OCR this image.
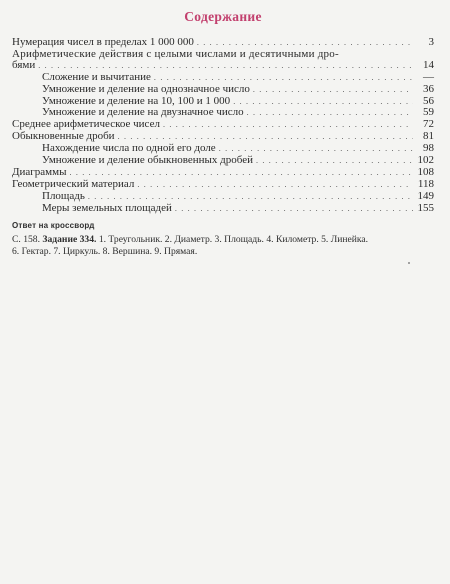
Содержание
Нумерация чисел в пределах 1 000 000 . . .	3
Арифметические действия с целыми числами и десятичными дро-
бями . . .	14
Сложение и вычитание . . .	—
Умножение и деление на однозначное число . . .	36
Умножение и деление на 10, 100 и 1 000 . . .	56
Умножение и деление на двузначное число . . .	59
Среднее арифметическое чисел . . .	72
Обыкновенные дроби . . .	81
Нахождение числа по одной его доле . . .	98
Умножение и деление обыкновенных дробей . . .	102
Диаграммы . . .	108
Геометрический материал . . .	118
Площадь . . .	149
Меры земельных площадей . . .	155
Ответ на кроссворд
С. 158. Задание 334. 1. Треугольник. 2. Диаметр. 3. Площадь. 4. Километр. 5. Линейка.
6. Гектар. 7. Циркуль. 8. Вершина. 9. Прямая.
